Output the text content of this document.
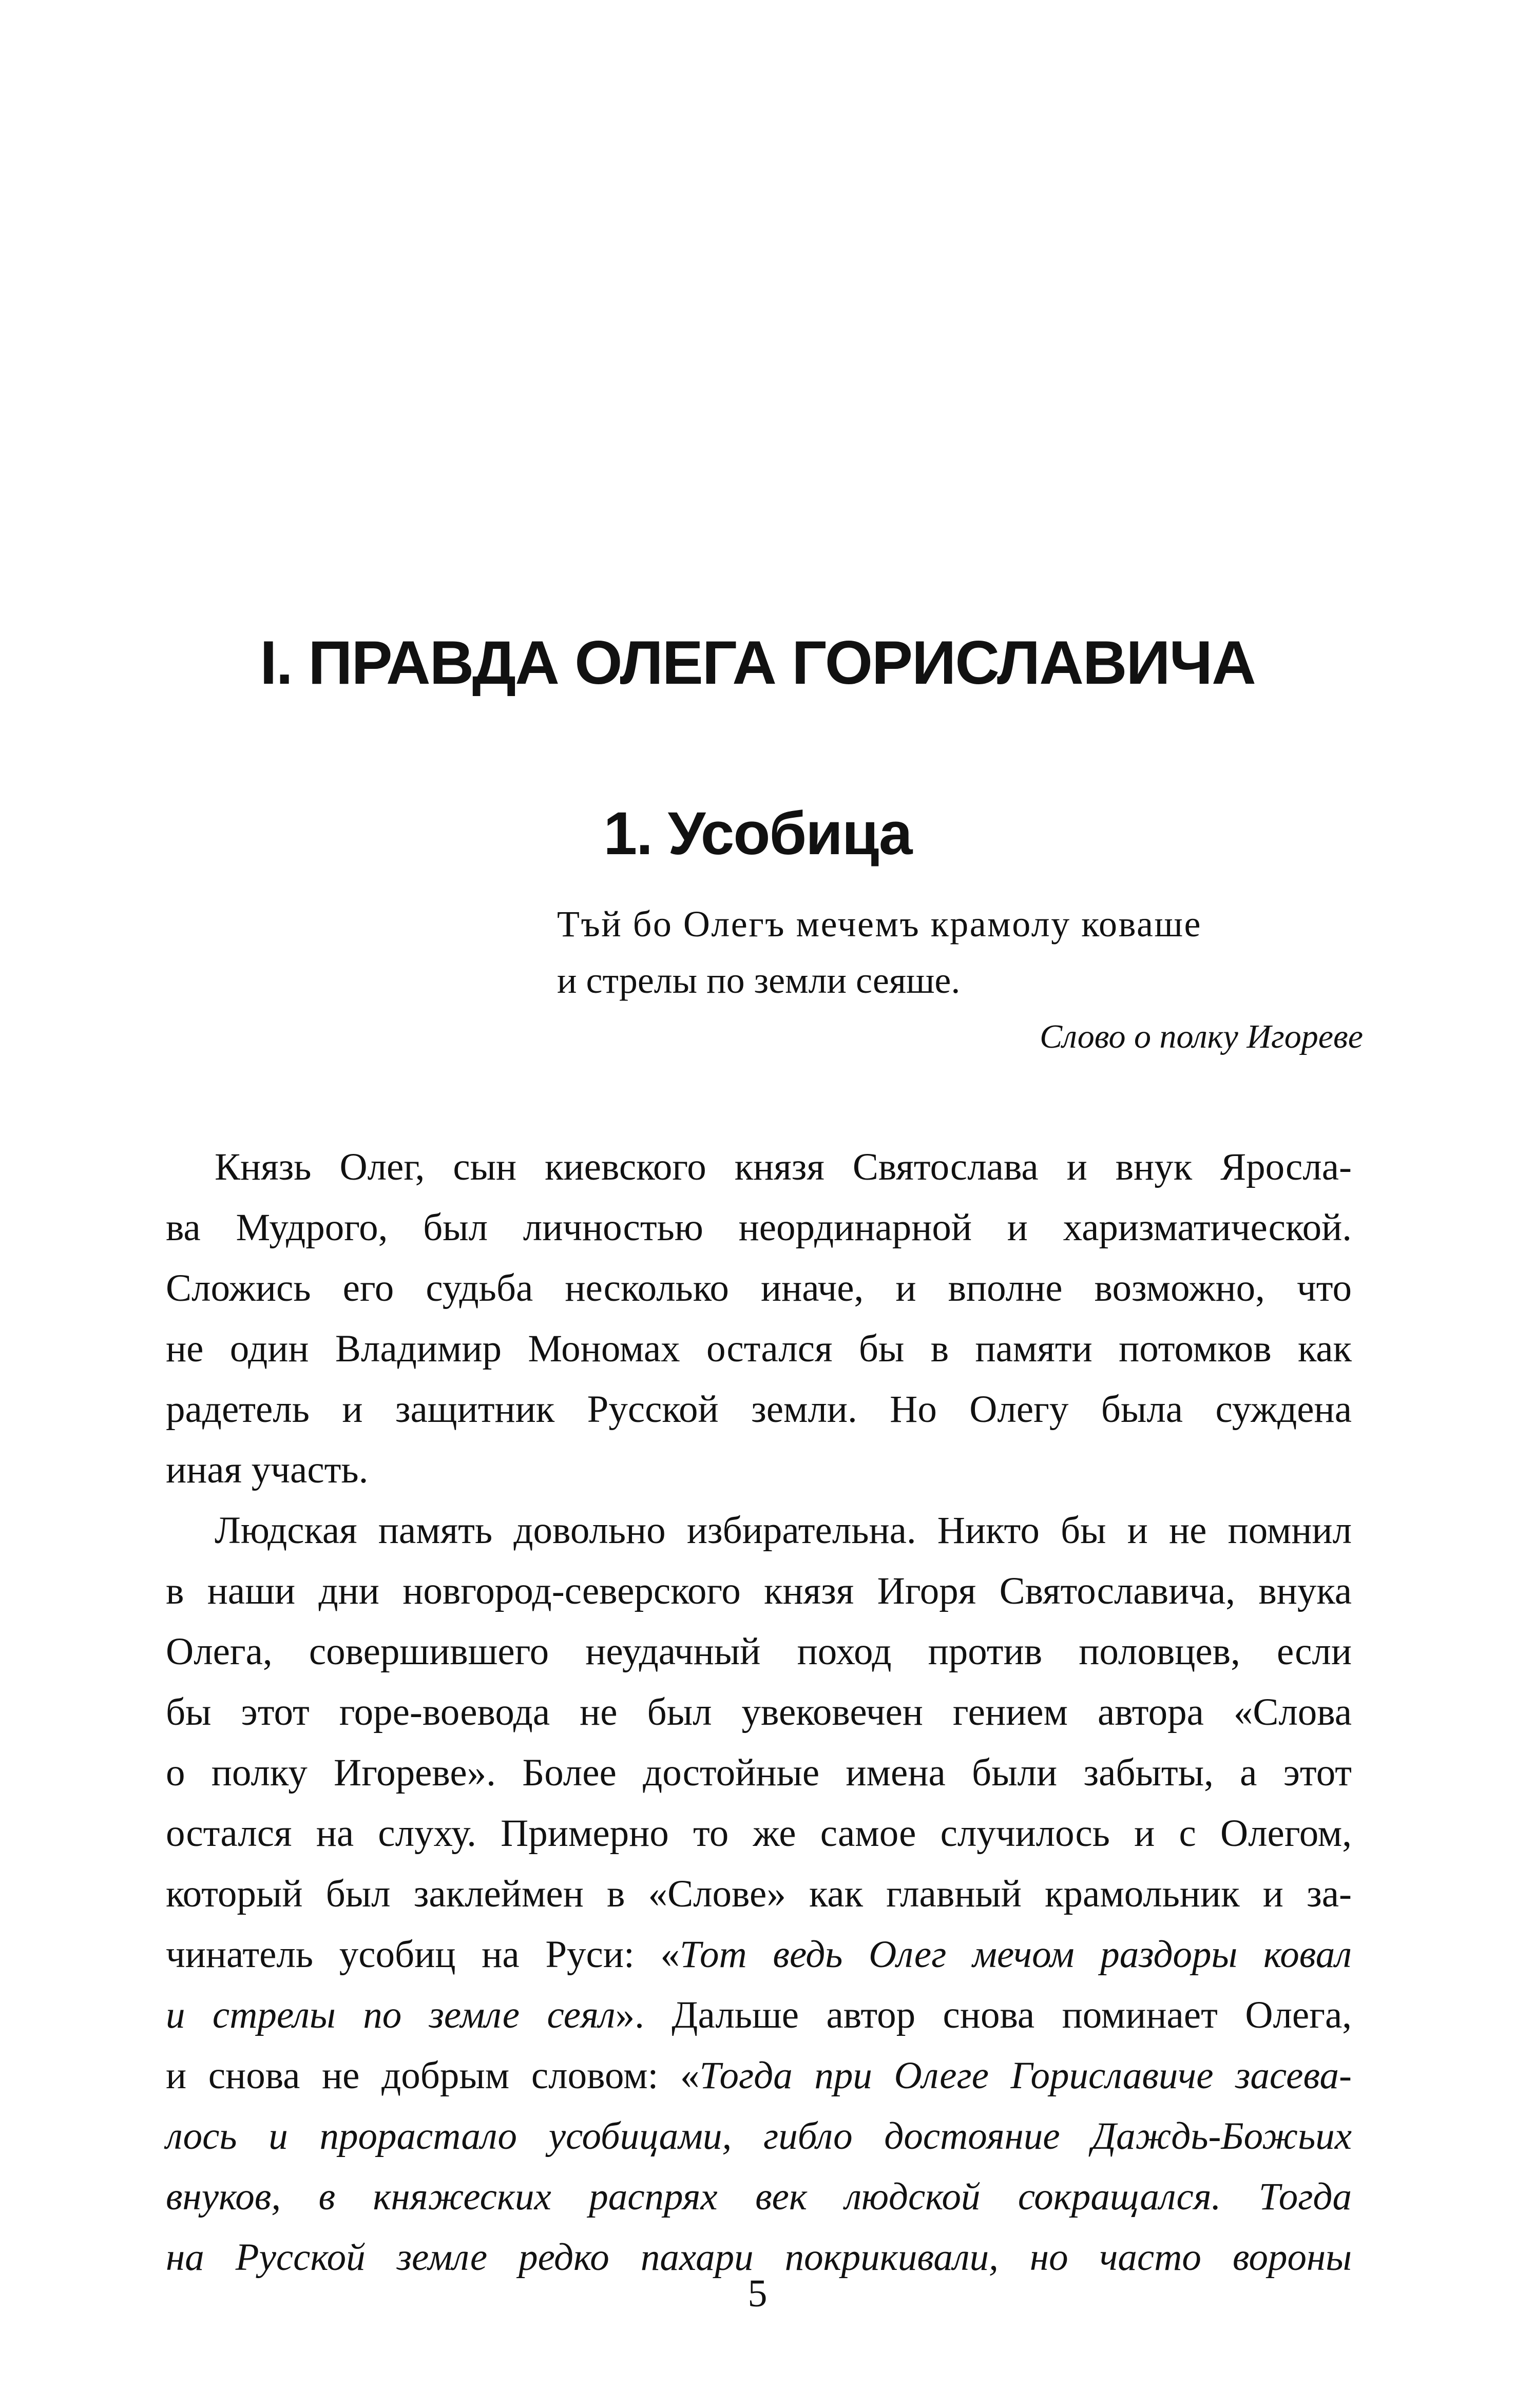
I. ПРАВДА ОЛЕГА ГОРИСЛАВИЧА
1. Усобица
Тъй бо Олегъ мечемъ крамолу коваше
и стрелы по земли сеяше.
Слово о полку Игореве
Князь Олег, сын киевского князя Святослава и внук Яросла-
ва Мудрого, был личностью неординарной и харизматической.
Сложись его судьба несколько иначе, и вполне возможно, что
не один Владимир Мономах остался бы в памяти потомков как
радетель и защитник Русской земли. Но Олегу была суждена
иная участь.
Людская память довольно избирательна. Никто бы и не помнил
в наши дни новгород-северского князя Игоря Святославича, внука
Олега, совершившего неудачный поход против половцев, если
бы этот горе-воевода не был увековечен гением автора «Слова
о полку Игореве». Более достойные имена были забыты, а этот
остался на слуху. Примерно то же самое случилось и с Олегом,
который был заклеймен в «Слове» как главный крамольник и за-
чинатель усобиц на Руси: «Тот ведь Олег мечом раздоры ковал
и стрелы по земле сеял». Дальше автор снова поминает Олега,
и снова не добрым словом: «Тогда при Олеге Гориславиче засева-
лось и прорастало усобицами, гибло достояние Даждь-Божьих
внуков, в княжеских распрях век людской сокращался. Тогда
на Русской земле редко пахари покрикивали, но часто вороны
5
